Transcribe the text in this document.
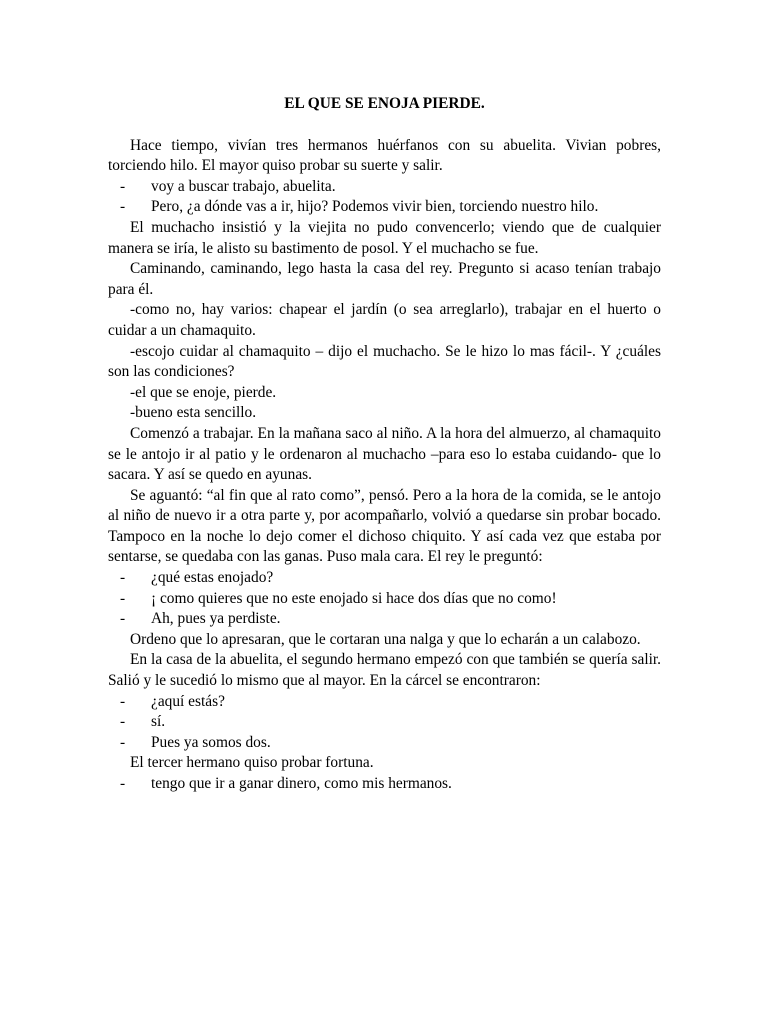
EL QUE SE ENOJA PIERDE.

Hace tiempo, vivían tres hermanos huérfanos con su abuelita. Vivian pobres, torciendo hilo. El mayor quiso probar su suerte y salir.

- voy a buscar trabajo, abuelita.

- Pero, ¿a dónde vas a ir, hijo? Podemos vivir bien, torciendo nuestro hilo.

El muchacho insistió y la viejita no pudo convencerlo; viendo que de cualquier manera se iría, le alisto su bastimento de posol. Y el muchacho se fue.

Caminando, caminando, lego hasta la casa del rey. Pregunto si acaso tenían trabajo para él.

-como no, hay varios: chapear el jardín (o sea arreglarlo), trabajar en el huerto o cuidar a un chamaquito.

-escojo cuidar al chamaquito – dijo el muchacho. Se le hizo lo mas fácil-. Y ¿cuáles son las condiciones?

-el que se enoje, pierde.

-bueno esta sencillo.

Comenzó a trabajar. En la mañana saco al niño. A la hora del almuerzo, al chamaquito se le antojo ir al patio y le ordenaron al muchacho –para eso lo estaba cuidando- que lo sacara. Y así se quedo en ayunas.

Se aguantó: “al fin que al rato como”, pensó. Pero a la hora de la comida, se le antojo al niño de nuevo ir a otra parte y, por acompañarlo, volvió a quedarse sin probar bocado. Tampoco en la noche lo dejo comer el dichoso chiquito. Y así cada vez que estaba por sentarse, se quedaba con las ganas. Puso mala cara. El rey le preguntó:

- ¿qué estas enojado?

- ¡ como quieres que no este enojado si hace dos días que no como!

- Ah, pues ya perdiste.

Ordeno que lo apresaran, que le cortaran una nalga y que lo echarán a un calabozo.

En la casa de la abuelita, el segundo hermano empezó con que también se quería salir. Salió y le sucedió lo mismo que al mayor. En la cárcel se encontraron:

- ¿aquí estás?

- sí.

- Pues ya somos dos.

El tercer hermano quiso probar fortuna.

- tengo que ir a ganar dinero, como mis hermanos.
